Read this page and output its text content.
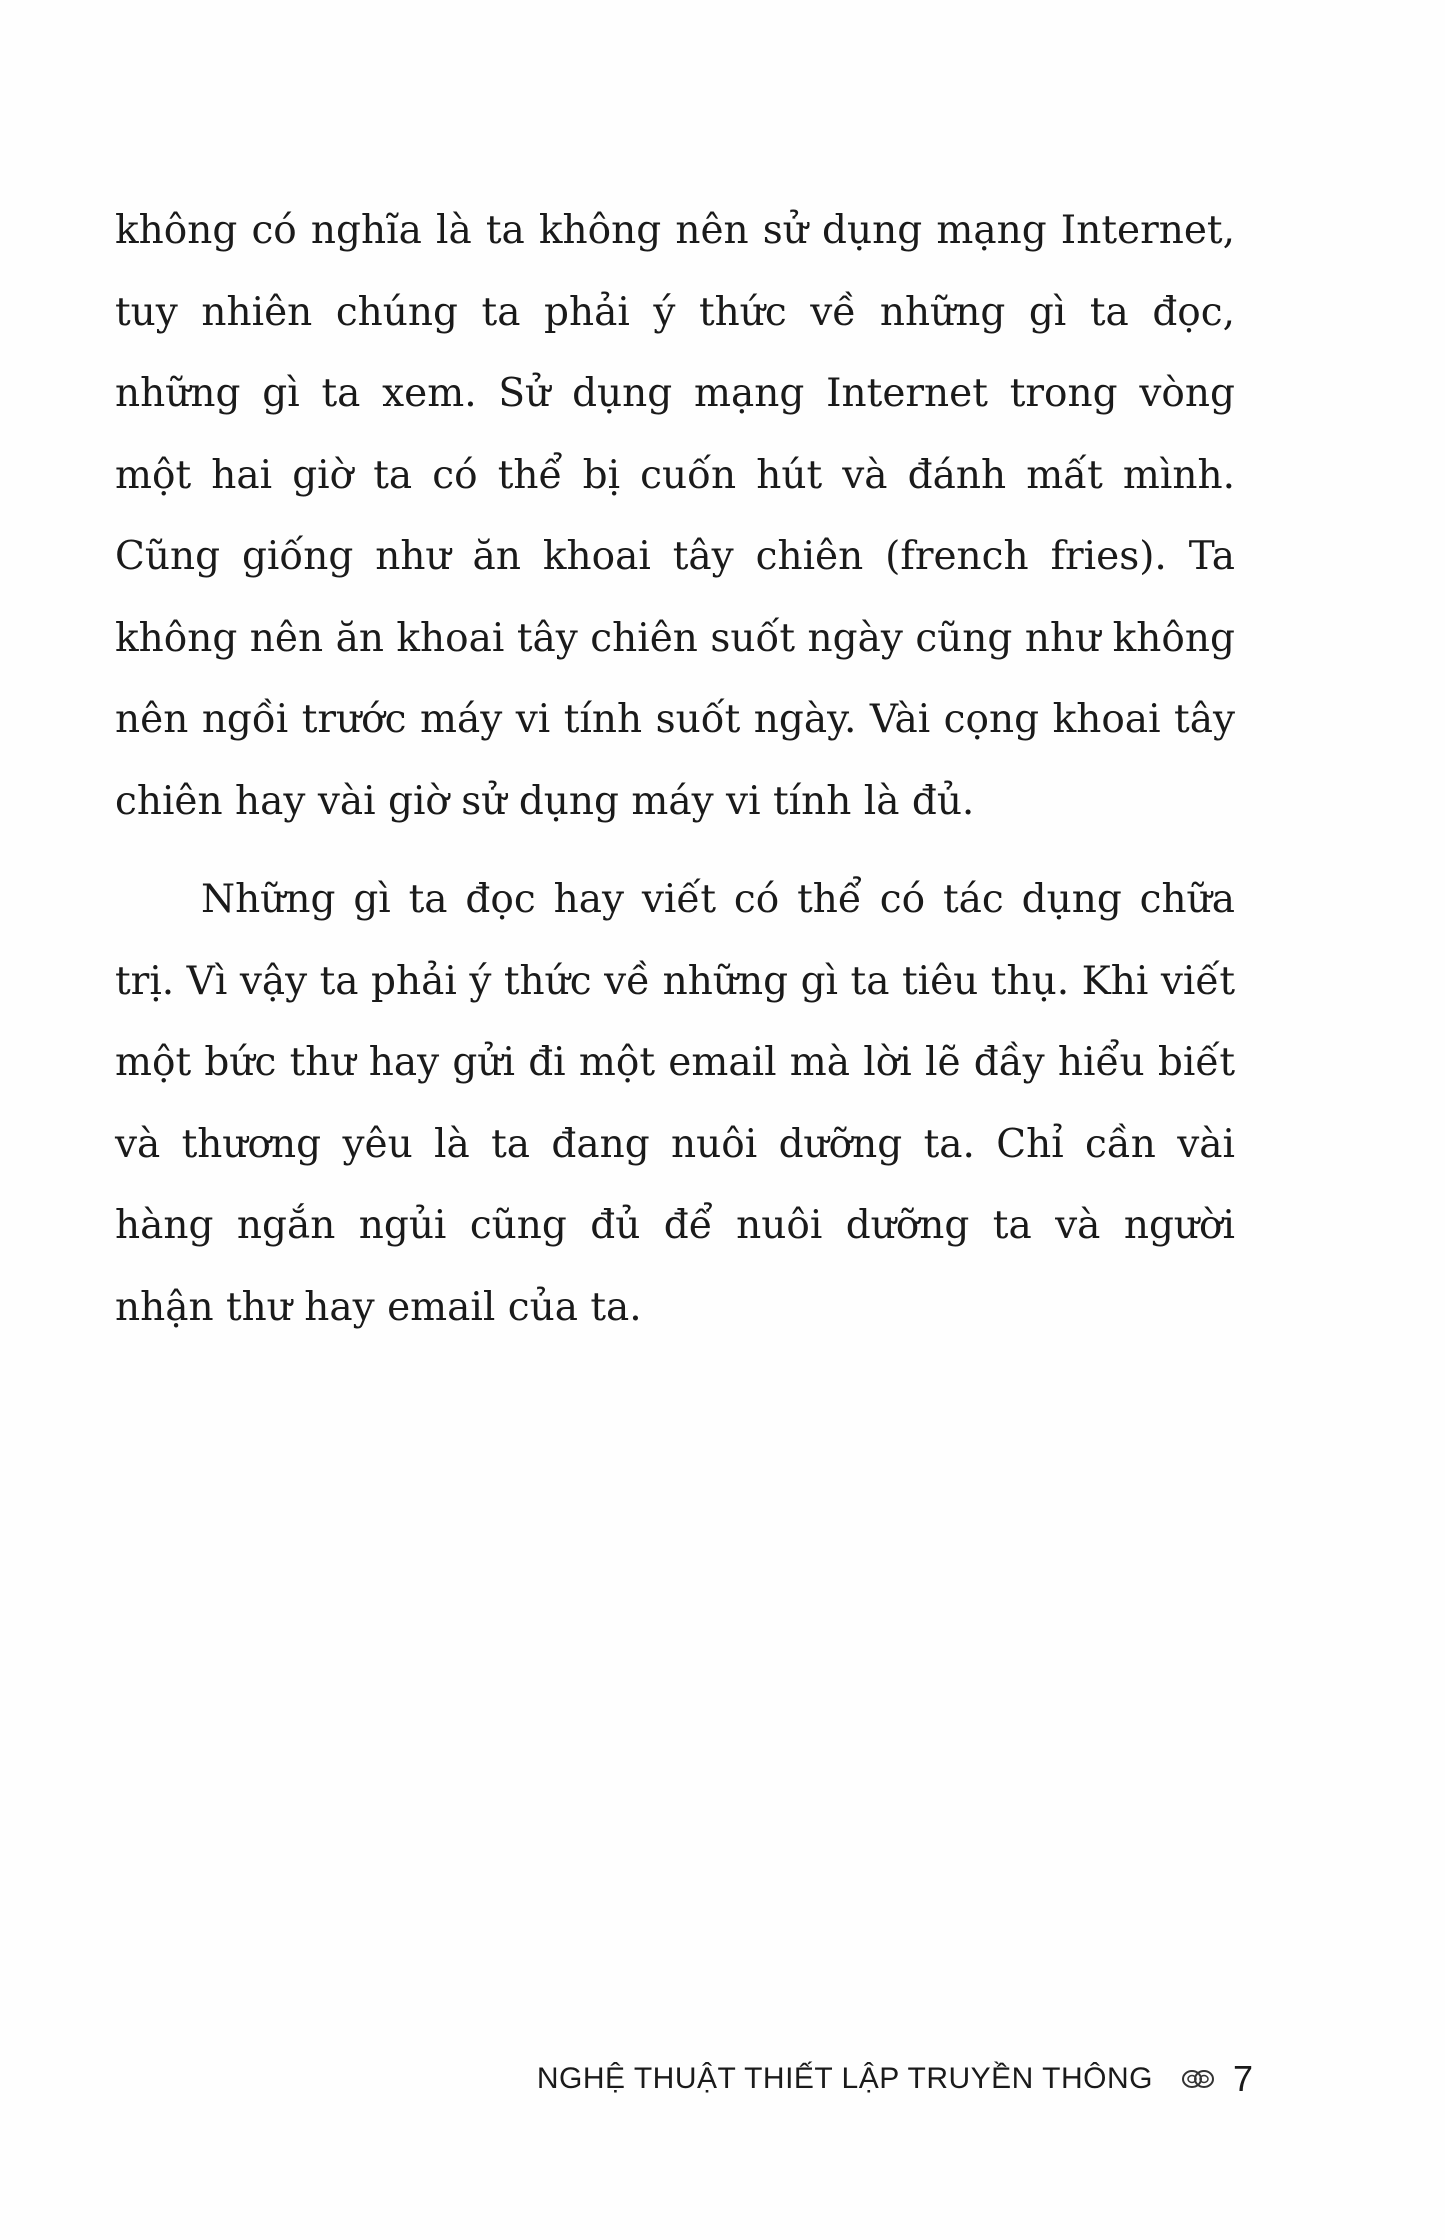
không có nghĩa là ta không nên sử dụng mạng Internet, tuy nhiên chúng ta phải ý thức về những gì ta đọc, những gì ta xem. Sử dụng mạng Internet trong vòng một hai giờ ta có thể bị cuốn hút và đánh mất mình. Cũng giống như ăn khoai tây chiên (french fries). Ta không nên ăn khoai tây chiên suốt ngày cũng như không nên ngồi trước máy vi tính suốt ngày. Vài cọng khoai tây chiên hay vài giờ sử dụng máy vi tính là đủ.

Những gì ta đọc hay viết có thể có tác dụng chữa trị. Vì vậy ta phải ý thức về những gì ta tiêu thụ. Khi viết một bức thư hay gửi đi một email mà lời lẽ đầy hiểu biết và thương yêu là ta đang nuôi dưỡng ta. Chỉ cần vài hàng ngắn ngủi cũng đủ để nuôi dưỡng ta và người nhận thư hay email của ta.

NGHỆ THUẬT THIẾT LẬP TRUYỀN THÔNG 7
